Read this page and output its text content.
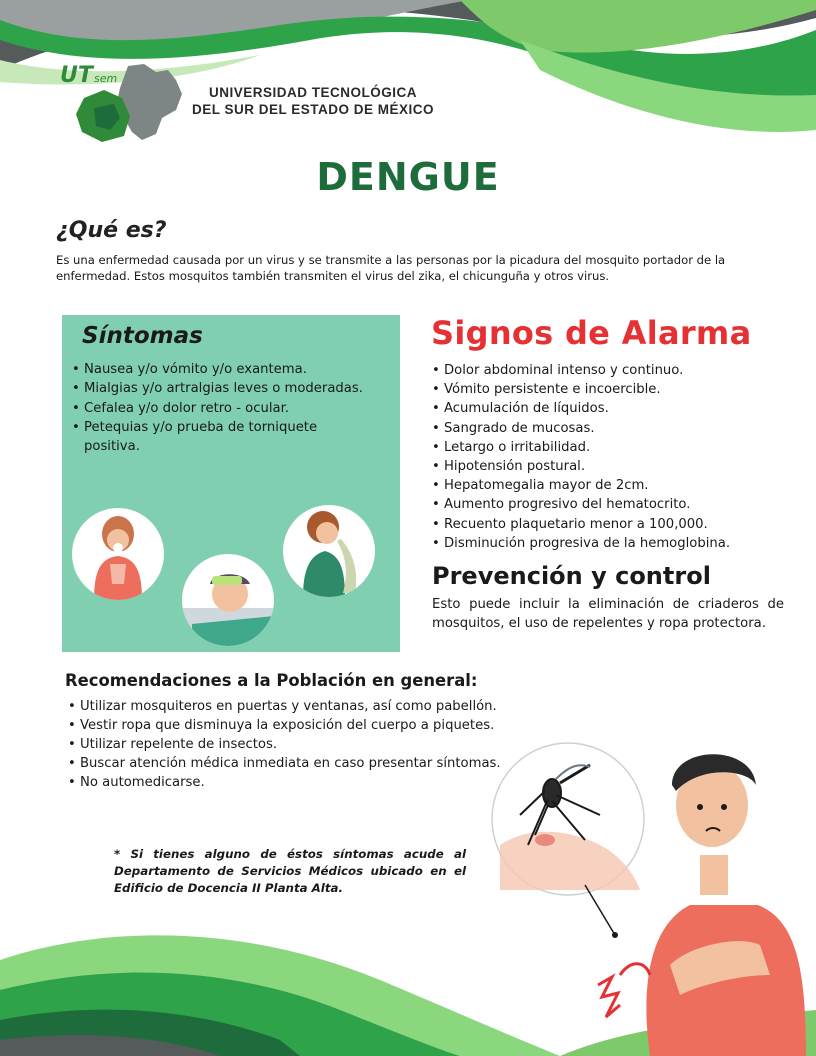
UT sem
UNIVERSIDAD TECNOLÓGICA
DEL SUR DEL ESTADO DE MÉXICO
DENGUE
¿Qué es?

Es una enfermedad causada por un virus y se transmite a las personas por la picadura del mosquito portador de la enfermedad. Estos mosquitos también transmiten el virus del zika, el chicunguña y otros virus.

Síntomas
• Nausea y/o vómito y/o exantema.
• Mialgias y/o artralgias leves o moderadas.
• Cefalea y/o dolor retro - ocular.
• Petequias y/o prueba de torniquete positiva.
Signos de Alarma
• Dolor abdominal intenso y continuo.
• Vómito persistente e incoercible.
• Acumulación de líquidos.
• Sangrado de mucosas.
• Letargo o irritabilidad.
• Hipotensión postural.
• Hepatomegalia mayor de 2cm.
• Aumento progresivo del hematocrito.
• Recuento plaquetario menor a 100,000.
• Disminución progresiva de la hemoglobina.
Prevención y control

Esto puede incluir la eliminación de criaderos de mosquitos, el uso de repelentes y ropa protectora.

Recomendaciones a la Población en general:
• Utilizar mosquiteros en puertas y ventanas, así como pabellón.
• Vestir ropa que disminuya la exposición del cuerpo a piquetes.
• Utilizar repelente de insectos.
• Buscar atención médica inmediata en caso presentar síntomas.
• No automedicarse.

* Si tienes alguno de éstos síntomas acude al Departamento de Servicios Médicos ubicado en el Edificio de Docencia II Planta Alta.
